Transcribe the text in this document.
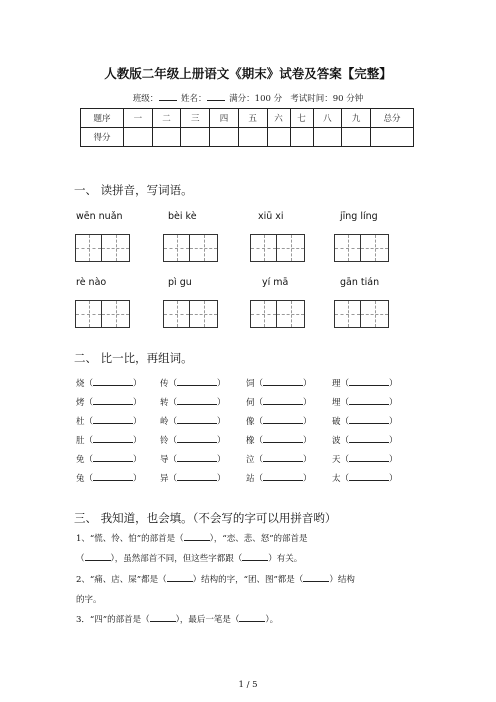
人教版二年级上册语文《期末》试卷及答案【完整】
班级：	姓名：	满分：100 分 考试时间：90 分钟
题序	一	二	三	四	五	六	七	八	九	总分
得分										
一、 读拼音，写词语。
wēn nuǎn	bèi kè	xiū xi	jīng líng
rè nào	pì gu	yí mā	gān tián
二、 比一比，再组词。
烧（	） 传（	） 饲（	） 理（	）
烤（	） 转（	） 伺（	） 埋（	）
杜（	） 岭（	） 像（	） 破（	）
肚（	） 铃（	） 橡（	） 波（	）
免（	） 导（	） 泣（	） 天（	）
兔（	） 异（	） 站（	） 太（	）
三、 我知道，也会填。（不会写的字可以用拼音哟）
1、“慌、怜、怕”的部首是（	），“恋、悲、怒”的部首是
（	），虽然部首不同，但这些字都跟（	）有关。
2、“痛、店、屎”都是（	）结构的字，“团、图”都是（	）结构
的字。
3．“四”的部首是（	），最后一笔是（	）。
1 / 5
